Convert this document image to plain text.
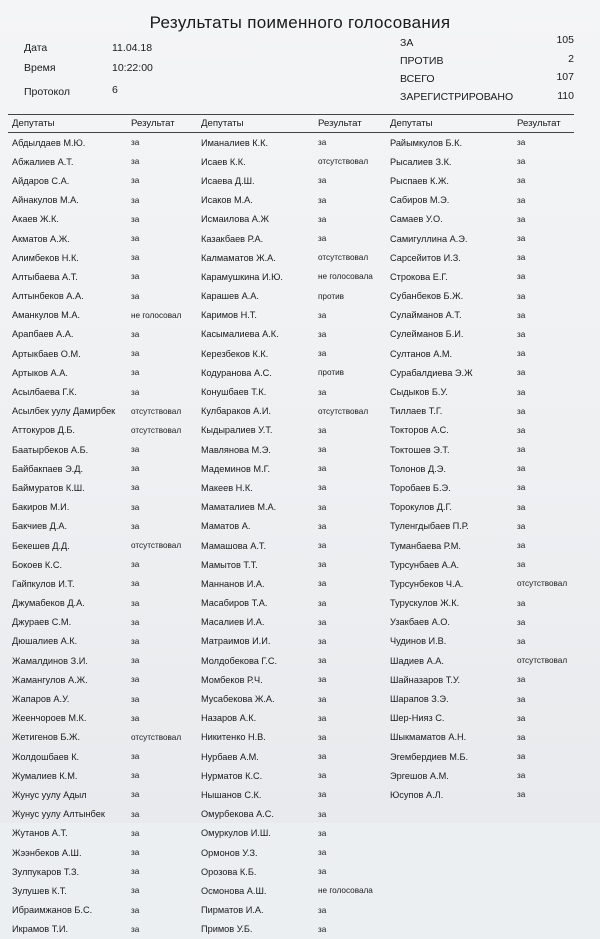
Результаты поименного голосования
Дата	11.04.18
Время	10:22:00
Протокол	6
ЗА	105
ПРОТИВ	2
ВСЕГО	107
ЗАРЕГИСТРИРОВАНО	110
Депутаты	Результат	Депутаты	Результат	Депутаты	Результат
Абдылдаев М.Ю.	за	Иманалиев К.К.	за	Райымкулов Б.К.	за
Абжалиев А.Т.	за	Исаев К.К.	отсутствовал	Рысалиев З.К.	за
Айдаров С.А.	за	Исаева Д.Ш.	за	Рыспаев К.Ж.	за
Айнакулов М.А.	за	Исаков М.А.	за	Сабиров М.Э.	за
Акаев Ж.К.	за	Исмаилова А.Ж	за	Самаев У.О.	за
Акматов А.Ж.	за	Казакбаев Р.А.	за	Самигуллина А.Э.	за
Алимбеков Н.К.	за	Калмаматов Ж.А.	отсутствовал	Сарсейитов И.З.	за
Алтыбаева А.Т.	за	Карамушкина И.Ю.	не голосовала	Строкова Е.Г.	за
Алтынбеков А.А.	за	Карашев А.А.	против	Субанбеков Б.Ж.	за
Аманкулов М.А.	не голосовал	Каримов Н.Т.	за	Сулайманов А.Т.	за
Арапбаев А.А.	за	Касымалиева А.К.	за	Сулейманов Б.И.	за
Артыкбаев О.М.	за	Керезбеков К.К.	за	Султанов А.М.	за
Артыков А.А.	за	Кодуранова А.С.	против	Сурабалдиева Э.Ж	за
Асылбаева Г.К.	за	Конушбаев Т.К.	за	Сыдыков Б.У.	за
Асылбек уулу Дамирбек	отсутствовал	Кулбараков А.И.	отсутствовал	Тиллаев Т.Г.	за
Аттокуров Д.Б.	отсутствовал	Кыдыралиев У.Т.	за	Токторов А.С.	за
Баатырбеков А.Б.	за	Мавлянова М.Э.	за	Токтошев Э.Т.	за
Байбакпаев Э.Д.	за	Мадеминов М.Г.	за	Толонов Д.Э.	за
Баймуратов К.Ш.	за	Макеев Н.К.	за	Торобаев Б.Э.	за
Бакиров М.И.	за	Маматалиев М.А.	за	Торокулов Д.Г.	за
Бакчиев Д.А.	за	Маматов А.	за	Туленгдыбаев П.Р.	за
Бекешев Д.Д.	отсутствовал	Мамашова А.Т.	за	Туманбаева Р.М.	за
Бокоев К.С.	за	Мамытов Т.Т.	за	Турсунбаев А.А.	за
Гайпкулов И.Т.	за	Маннанов И.А.	за	Турсунбеков Ч.А.	отсутствовал
Джумабеков Д.А.	за	Масабиров Т.А.	за	Турускулов Ж.К.	за
Джураев С.М.	за	Масалиев И.А.	за	Узакбаев А.О.	за
Дюшалиев А.К.	за	Матраимов И.И.	за	Чудинов И.В.	за
Жамалдинов З.И.	за	Молдобекова Г.С.	за	Шадиев А.А.	отсутствовал
Жамангулов А.Ж.	за	Момбеков Р.Ч.	за	Шайназаров Т.У.	за
Жапаров А.У.	за	Мусабекова Ж.А.	за	Шарапов З.Э.	за
Жеенчороев М.К.	за	Назаров А.К.	за	Шер-Нияз С.	за
Жетигенов Б.Ж.	отсутствовал	Никитенко Н.В.	за	Шыкмаматов А.Н.	за
Жолдошбаев К.	за	Нурбаев А.М.	за	Эгембердиев М.Б.	за
Жумалиев К.М.	за	Нурматов К.С.	за	Эргешов А.М.	за
Жунус уулу Адыл	за	Нышанов С.К.	за	Юсупов А.Л.	за
Жунус уулу Алтынбек	за	Омурбекова А.С.	за		
Жутанов А.Т.	за	Омуркулов И.Ш.	за		
Жээнбеков А.Ш.	за	Ормонов У.З.	за		
Зулпукаров Т.З.	за	Орозова К.Б.	за		
Зулушев К.Т.	за	Осмонова А.Ш.	не голосовала		
Ибраимжанов Б.С.	за	Пирматов И.А.	за		
Икрамов Т.И.	за	Примов У.Б.	за		
